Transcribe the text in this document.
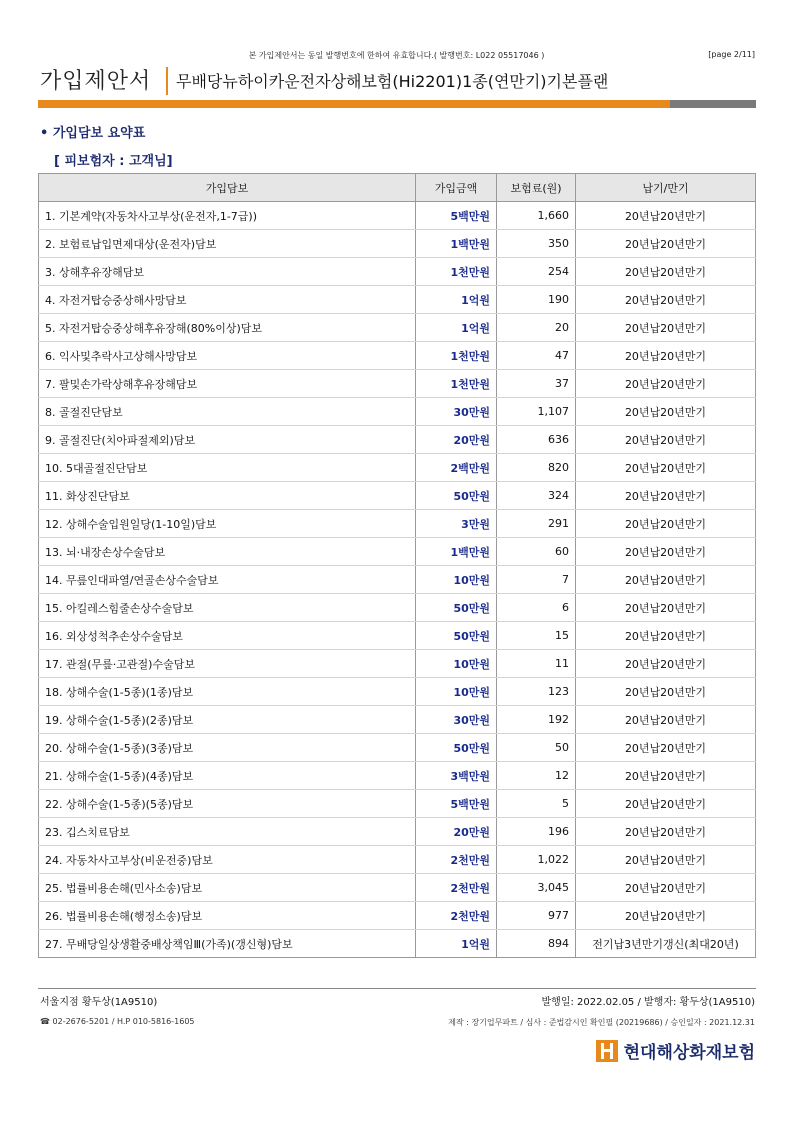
본 가입제안서는 동일 발행번호에 한하여 유효합니다.( 발행번호: L022 05517046 )	[page 2/11]
가입제안서 무배당뉴하이카운전자상해보험(Hi2201)1종(연만기)기본플랜
• 가입담보 요약표
[ 피보험자 : 고객님]
가입담보	가입금액	보험료(원)	납기/만기
1. 기본계약(자동차사고부상(운전자,1-7급))	5백만원	1,660	20년납20년만기
2. 보험료납입면제대상(운전자)담보	1백만원	350	20년납20년만기
3. 상해후유장해담보	1천만원	254	20년납20년만기
4. 자전거탑승중상해사망담보	1억원	190	20년납20년만기
5. 자전거탑승중상해후유장해(80%이상)담보	1억원	20	20년납20년만기
6. 익사및추락사고상해사망담보	1천만원	47	20년납20년만기
7. 팔및손가락상해후유장해담보	1천만원	37	20년납20년만기
8. 골절진단담보	30만원	1,107	20년납20년만기
9. 골절진단(치아파절제외)담보	20만원	636	20년납20년만기
10. 5대골절진단담보	2백만원	820	20년납20년만기
11. 화상진단담보	50만원	324	20년납20년만기
12. 상해수술입원일당(1-10일)담보	3만원	291	20년납20년만기
13. 뇌·내장손상수술담보	1백만원	60	20년납20년만기
14. 무릎인대파열/연골손상수술담보	10만원	7	20년납20년만기
15. 아킬레스힘줄손상수술담보	50만원	6	20년납20년만기
16. 외상성척추손상수술담보	50만원	15	20년납20년만기
17. 관절(무릎·고관절)수술담보	10만원	11	20년납20년만기
18. 상해수술(1-5종)(1종)담보	10만원	123	20년납20년만기
19. 상해수술(1-5종)(2종)담보	30만원	192	20년납20년만기
20. 상해수술(1-5종)(3종)담보	50만원	50	20년납20년만기
21. 상해수술(1-5종)(4종)담보	3백만원	12	20년납20년만기
22. 상해수술(1-5종)(5종)담보	5백만원	5	20년납20년만기
23. 깁스치료담보	20만원	196	20년납20년만기
24. 자동차사고부상(비운전중)담보	2천만원	1,022	20년납20년만기
25. 법률비용손해(민사소송)담보	2천만원	3,045	20년납20년만기
26. 법률비용손해(행정소송)담보	2천만원	977	20년납20년만기
27. 무배당일상생활중배상책임Ⅲ(가족)(갱신형)담보	1억원	894	전기납3년만기갱신(최대20년)
서울지점 황두상(1A9510)	발행일: 2022.02.05 / 발행자: 황두상(1A9510)
☎ 02-2676-5201 / H.P 010-5816-1605	제작 : 장기업무파트 / 심사 : 준법감시인 확인필 (20219686) / 승인일자 : 2021.12.31
현대해상화재보험
